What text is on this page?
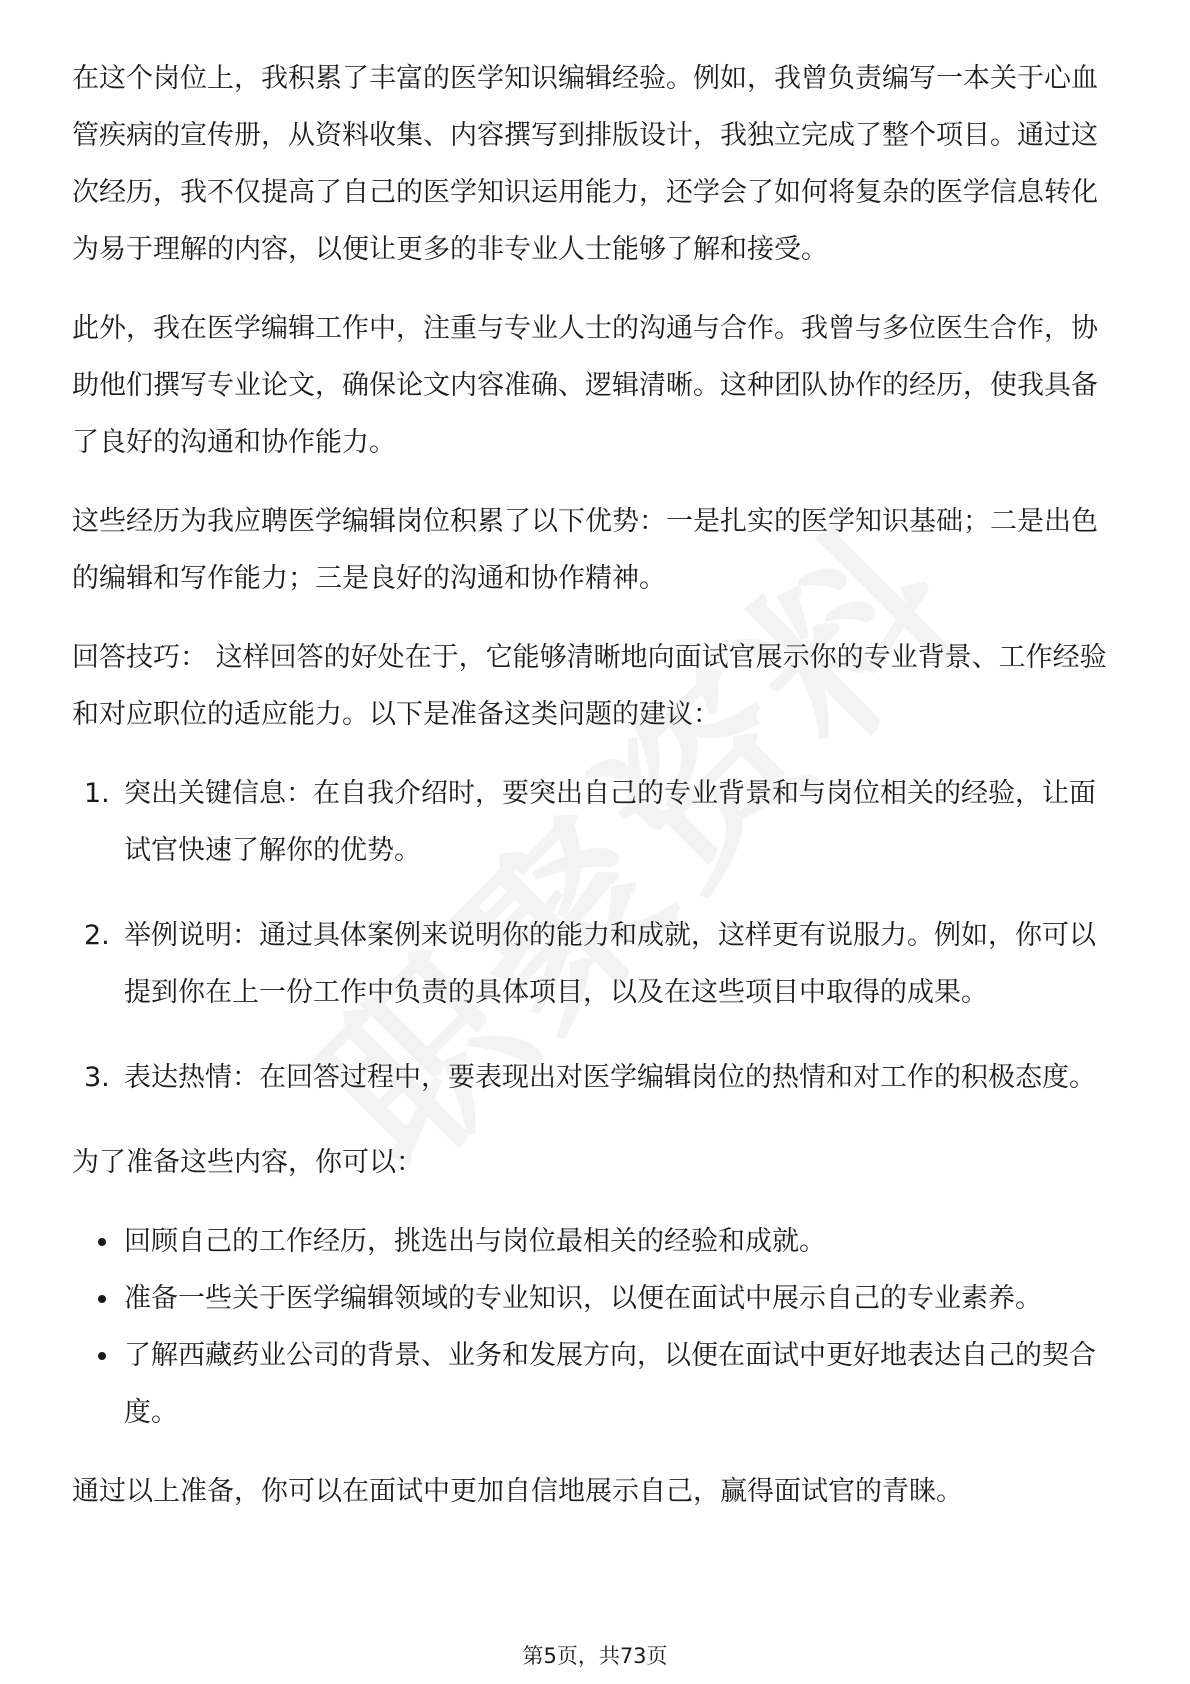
在这个岗位上，我积累了丰富的医学知识编辑经验。例如，我曾负责编写一本关于心血管疾病的宣传册，从资料收集、内容撰写到排版设计，我独立完成了整个项目。通过这次经历，我不仅提高了自己的医学知识运用能力，还学会了如何将复杂的医学信息转化为易于理解的内容，以便让更多的非专业人士能够了解和接受。

此外，我在医学编辑工作中，注重与专业人士的沟通与合作。我曾与多位医生合作，协助他们撰写专业论文，确保论文内容准确、逻辑清晰。这种团队协作的经历，使我具备了良好的沟通和协作能力。

这些经历为我应聘医学编辑岗位积累了以下优势：一是扎实的医学知识基础；二是出色的编辑和写作能力；三是良好的沟通和协作精神。

回答技巧： 这样回答的好处在于，它能够清晰地向面试官展示你的专业背景、工作经验和对应职位的适应能力。以下是准备这类问题的建议：

1. 突出关键信息：在自我介绍时，要突出自己的专业背景和与岗位相关的经验，让面试官快速了解你的优势。
2. 举例说明：通过具体案例来说明你的能力和成就，这样更有说服力。例如，你可以提到你在上一份工作中负责的具体项目，以及在这些项目中取得的成果。
3. 表达热情：在回答过程中，要表现出对医学编辑岗位的热情和对工作的积极态度。

为了准备这些内容，你可以：

回顾自己的工作经历，挑选出与岗位最相关的经验和成就。
准备一些关于医学编辑领域的专业知识，以便在面试中展示自己的专业素养。
了解西藏药业公司的背景、业务和发展方向，以便在面试中更好地表达自己的契合度。

通过以上准备，你可以在面试中更加自信地展示自己，赢得面试官的青睐。

第5页，共73页
